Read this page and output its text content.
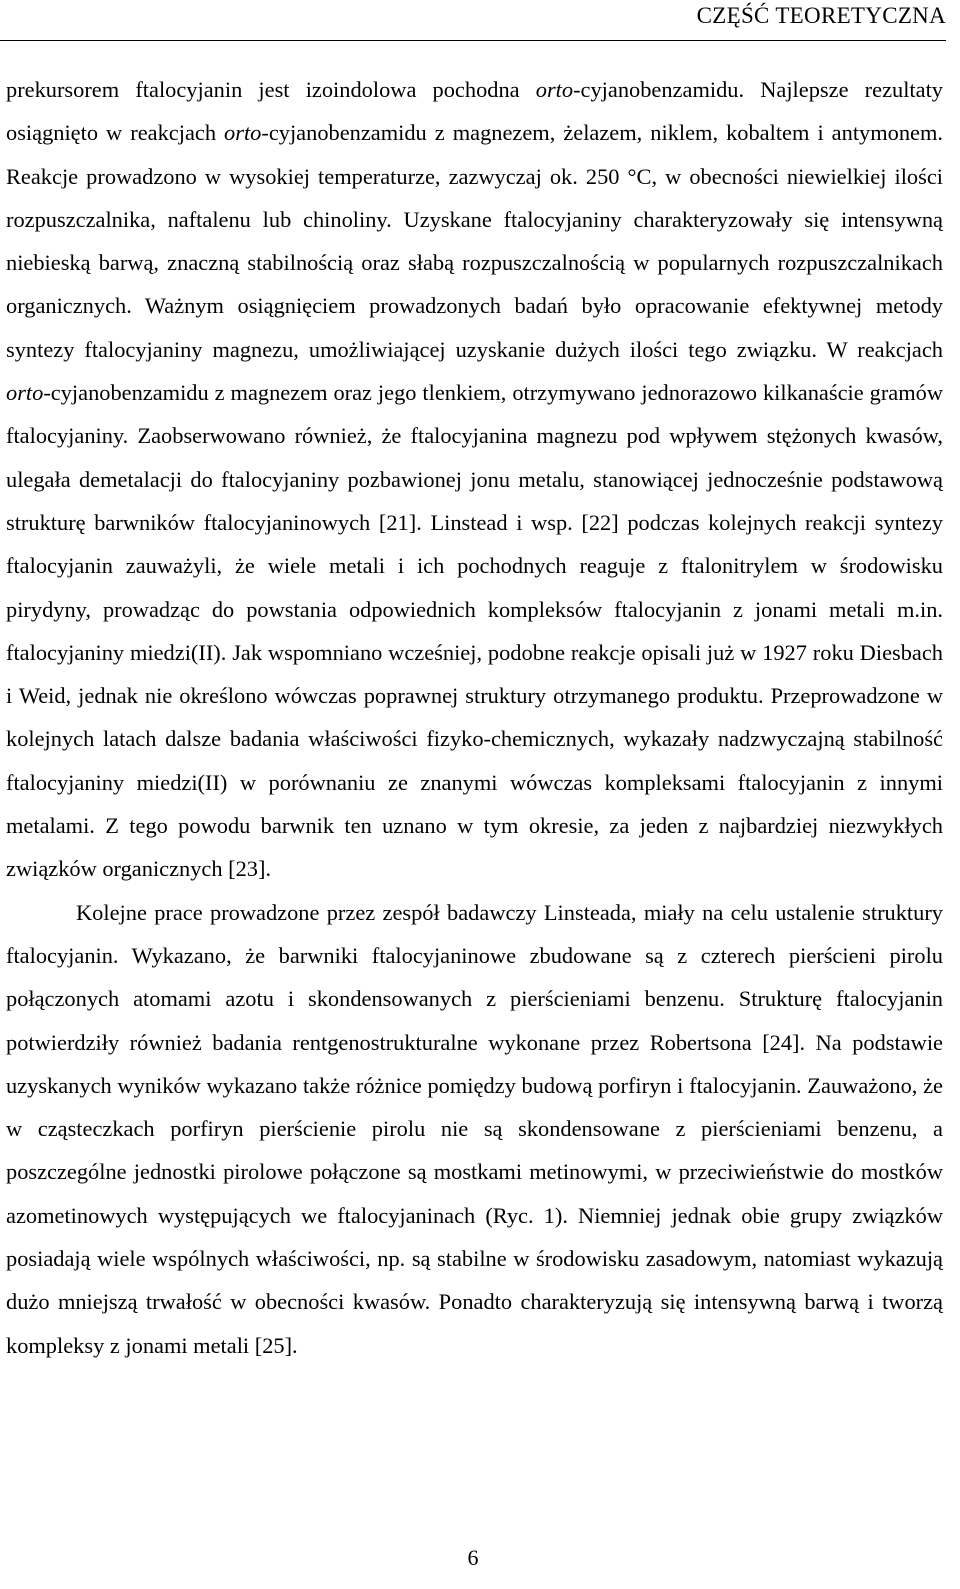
CZĘŚĆ TEORETYCZNA

prekursorem ftalocyjanin jest izoindolowa pochodna orto-cyjanobenzamidu. Najlepsze rezultaty osiągnięto w reakcjach orto-cyjanobenzamidu z magnezem, żelazem, niklem, kobaltem i antymonem. Reakcje prowadzono w wysokiej temperaturze, zazwyczaj ok. 250 °C, w obecności niewielkiej ilości rozpuszczalnika, naftalenu lub chinoliny. Uzyskane ftalocyjaniny charakteryzowały się intensywną niebieską barwą, znaczną stabilnością oraz słabą rozpuszczalnością w popularnych rozpuszczalnikach organicznych. Ważnym osiągnięciem prowadzonych badań było opracowanie efektywnej metody syntezy ftalocyjaniny magnezu, umożliwiającej uzyskanie dużych ilości tego związku. W reakcjach orto-cyjanobenzamidu z magnezem oraz jego tlenkiem, otrzymywano jednorazowo kilkanaście gramów ftalocyjaniny. Zaobserwowano również, że ftalocyjanina magnezu pod wpływem stężonych kwasów, ulegała demetalacji do ftalocyjaniny pozbawionej jonu metalu, stanowiącej jednocześnie podstawową strukturę barwników ftalocyjaninowych [21]. Linstead i wsp. [22] podczas kolejnych reakcji syntezy ftalocyjanin zauważyli, że wiele metali i ich pochodnych reaguje z ftalonitrylem w środowisku pirydyny, prowadząc do powstania odpowiednich kompleksów ftalocyjanin z jonami metali m.in. ftalocyjaniny miedzi(II). Jak wspomniano wcześniej, podobne reakcje opisali już w 1927 roku Diesbach i Weid, jednak nie określono wówczas poprawnej struktury otrzymanego produktu. Przeprowadzone w kolejnych latach dalsze badania właściwości fizyko-chemicznych, wykazały nadzwyczajną stabilność ftalocyjaniny miedzi(II) w porównaniu ze znanymi wówczas kompleksami ftalocyjanin z innymi metalami. Z tego powodu barwnik ten uznano w tym okresie, za jeden z najbardziej niezwykłych związków organicznych [23].

Kolejne prace prowadzone przez zespół badawczy Linsteada, miały na celu ustalenie struktury ftalocyjanin. Wykazano, że barwniki ftalocyjaninowe zbudowane są z czterech pierścieni pirolu połączonych atomami azotu i skondensowanych z pierścieniami benzenu. Strukturę ftalocyjanin potwierdziły również badania rentgenostrukturalne wykonane przez Robertsona [24]. Na podstawie uzyskanych wyników wykazano także różnice pomiędzy budową porfiryn i ftalocyjanin. Zauważono, że w cząsteczkach porfiryn pierścienie pirolu nie są skondensowane z pierścieniami benzenu, a poszczególne jednostki pirolowe połączone są mostkami metinowymi, w przeciwieństwie do mostków azometinowych występujących we ftalocyjaninach (Ryc. 1). Niemniej jednak obie grupy związków posiadają wiele wspólnych właściwości, np. są stabilne w środowisku zasadowym, natomiast wykazują dużo mniejszą trwałość w obecności kwasów. Ponadto charakteryzują się intensywną barwą i tworzą kompleksy z jonami metali [25].

6
